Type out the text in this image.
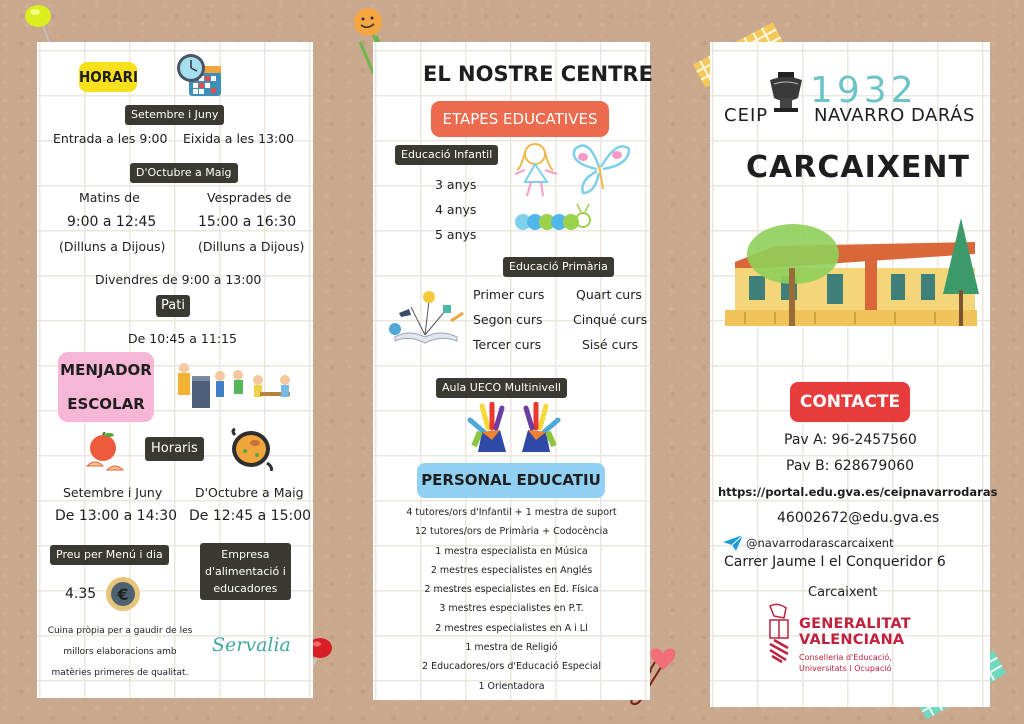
HORARI
Setembre i Juny
Entrada a les 9:00 Eixida a les 13:00
D'Octubre a Maig
Matins de
9:00 a 12:45
(Dilluns a Dijous)
Vesprades de
15:00 a 16:30
(Dilluns a Dijous)
Divendres de 9:00 a 13:00
Pati
De 10:45 a 11:15
MENJADOR
ESCOLAR
Horaris
Setembre i Juny
De 13:00 a 14:30
D'Octubre a Maig
De 12:45 a 15:00
Preu per Menú i dia
4.35 €
Empresa
d'alimentació i
educadores
Cuina pròpia per a gaudir de les
millors elaboracions amb
matèries primeres de qualitat.
Servalia
EL NOSTRE CENTRE
ETAPES EDUCATIVES
Educació Infantil
3 anys
4 anys
5 anys
Educació Primària
Primer curs
Segon curs
Tercer curs
Quart curs
Cinqué curs
Sisé curs
Aula UECO Multinivell
PERSONAL EDUCATIU
4 tutores/ors d'Infantil + 1 mestra de suport
12 tutores/ors de Primària + Codocència
1 mestra especialista en Música
2 mestres especialistes en Anglés
2 mestres especialistes en Ed. Física
3 mestres especialistes en P.T.
2 mestres especialistes en A i Ll
1 mestra de Religió
2 Educadores/ors d'Educació Especial
1 Orientadora
1932
CEIP	NAVARRO DARÁS
CARCAIXENT
CONTACTE
Pav A: 96-2457560
Pav B: 628679060
https://portal.edu.gva.es/ceipnavarrodaras
46002672@edu.gva.es
@navarrodarascarcaixent
Carrer Jaume I el Conqueridor 6
Carcaixent
GENERALITAT
VALENCIANA
Conselleria d'Educació,
Universitats i Ocupació
